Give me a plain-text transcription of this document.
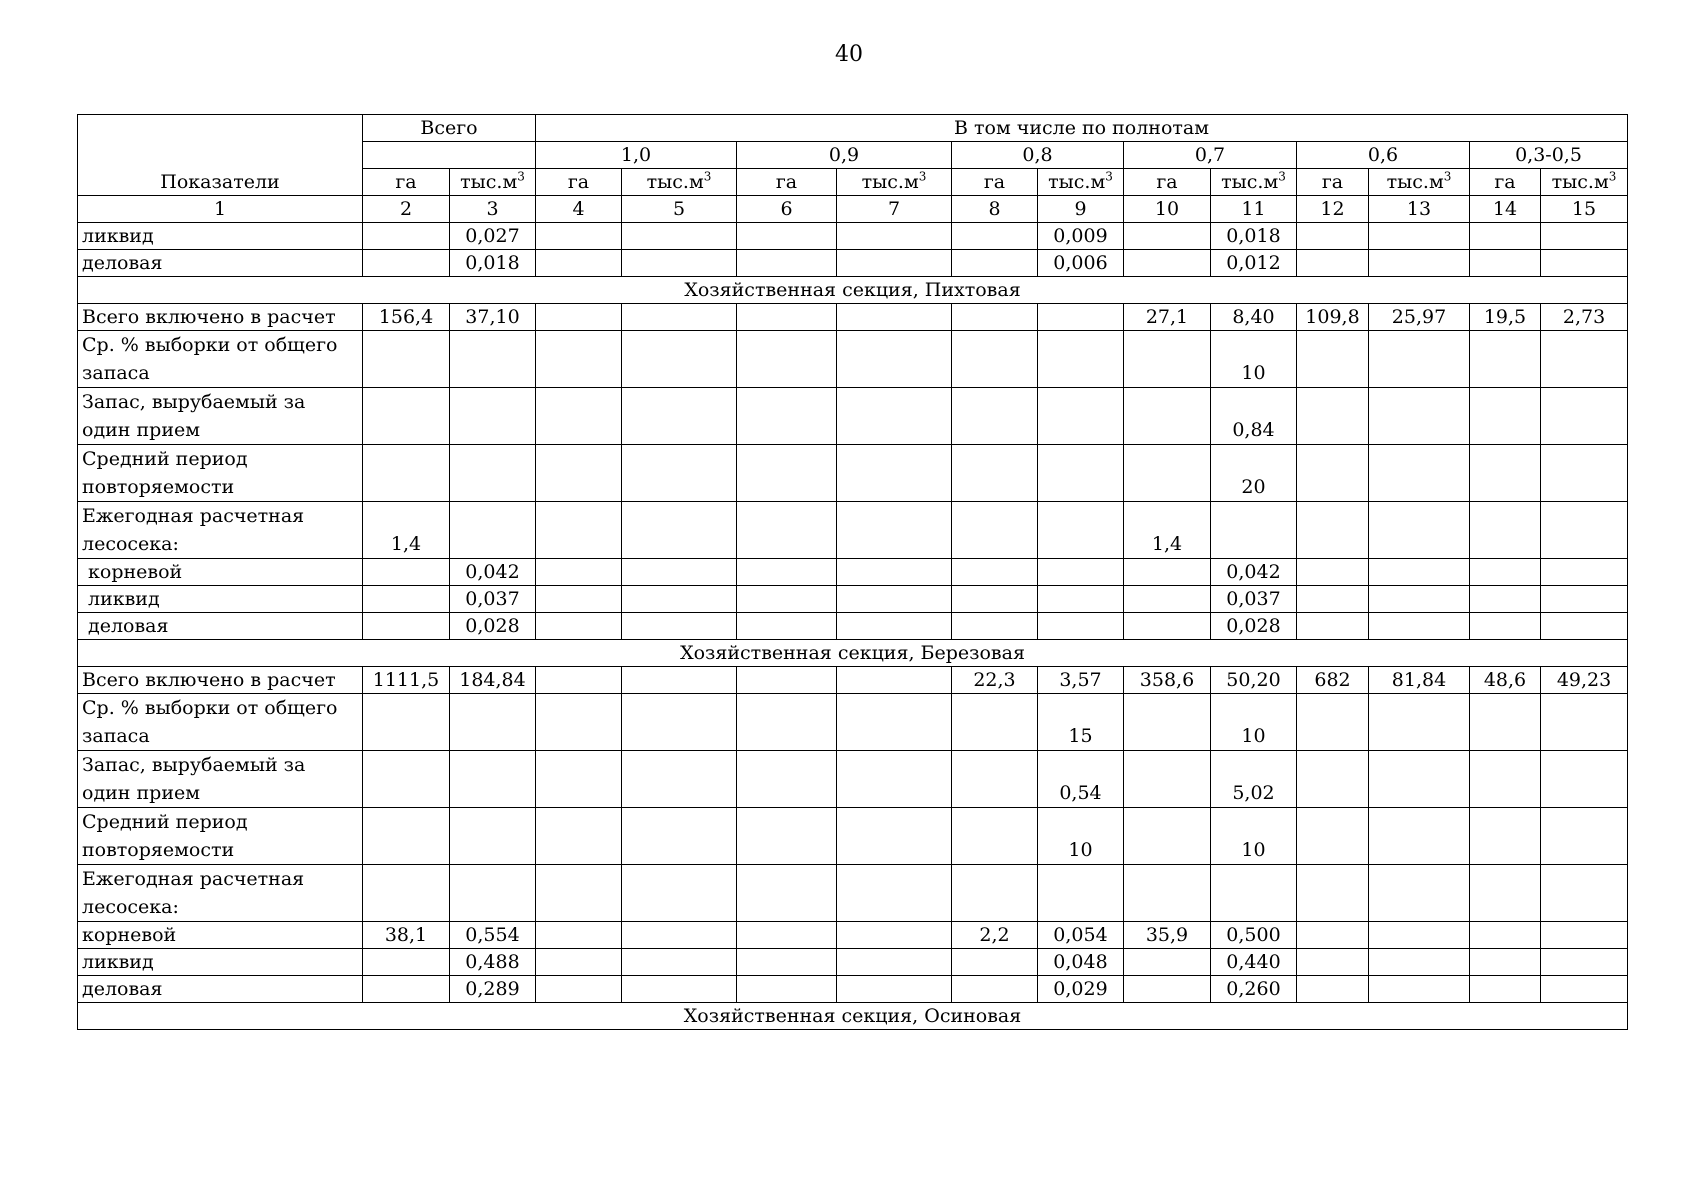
40
Показатели	Всего		В том числе по полнотам											
			1,0		0,9		0,8		0,7		0,6		0,3-0,5	
	га	$тыс.м^3$	га	$тыс.м^3$	га	$тыс.м^3$	га	$тыс.м^3$	га	$тыс.м^3$	га	$тыс.м^3$	га	$тыс.м^3$
1	2	3	4	5	6	7	8	9	10	11	12	13	14	15
ликвид		0,027						0,009		0,018				
деловая		0,018						0,006		0,012				
Хозяйственная секция, Пихтовая														
Всего включено в расчет	156,4	37,10							27,1	8,40	109,8	25,97	19,5	2,73
Ср. % выборки от общего запаса										10				
Запас, вырубаемый за один прием										0,84				
Средний период повторяемости										20				
Ежегодная расчетная лесосека:	1,4								1,4					
корневой		0,042								0,042				
ликвид		0,037								0,037				
деловая		0,028								0,028				
Хозяйственная секция, Березовая														
Всего включено в расчет	1111,5	184,84					22,3	3,57	358,6	50,20	682	81,84	48,6	49,23
Ср. % выборки от общего запаса								15		10				
Запас, вырубаемый за один прием								0,54		5,02				
Средний период повторяемости								10		10				
Ежегодная расчетная лесосека:														
корневой	38,1	0,554					2,2	0,054	35,9	0,500				
ликвид		0,488						0,048		0,440				
деловая		0,289						0,029		0,260				
Хозяйственная секция, Осиновая														
